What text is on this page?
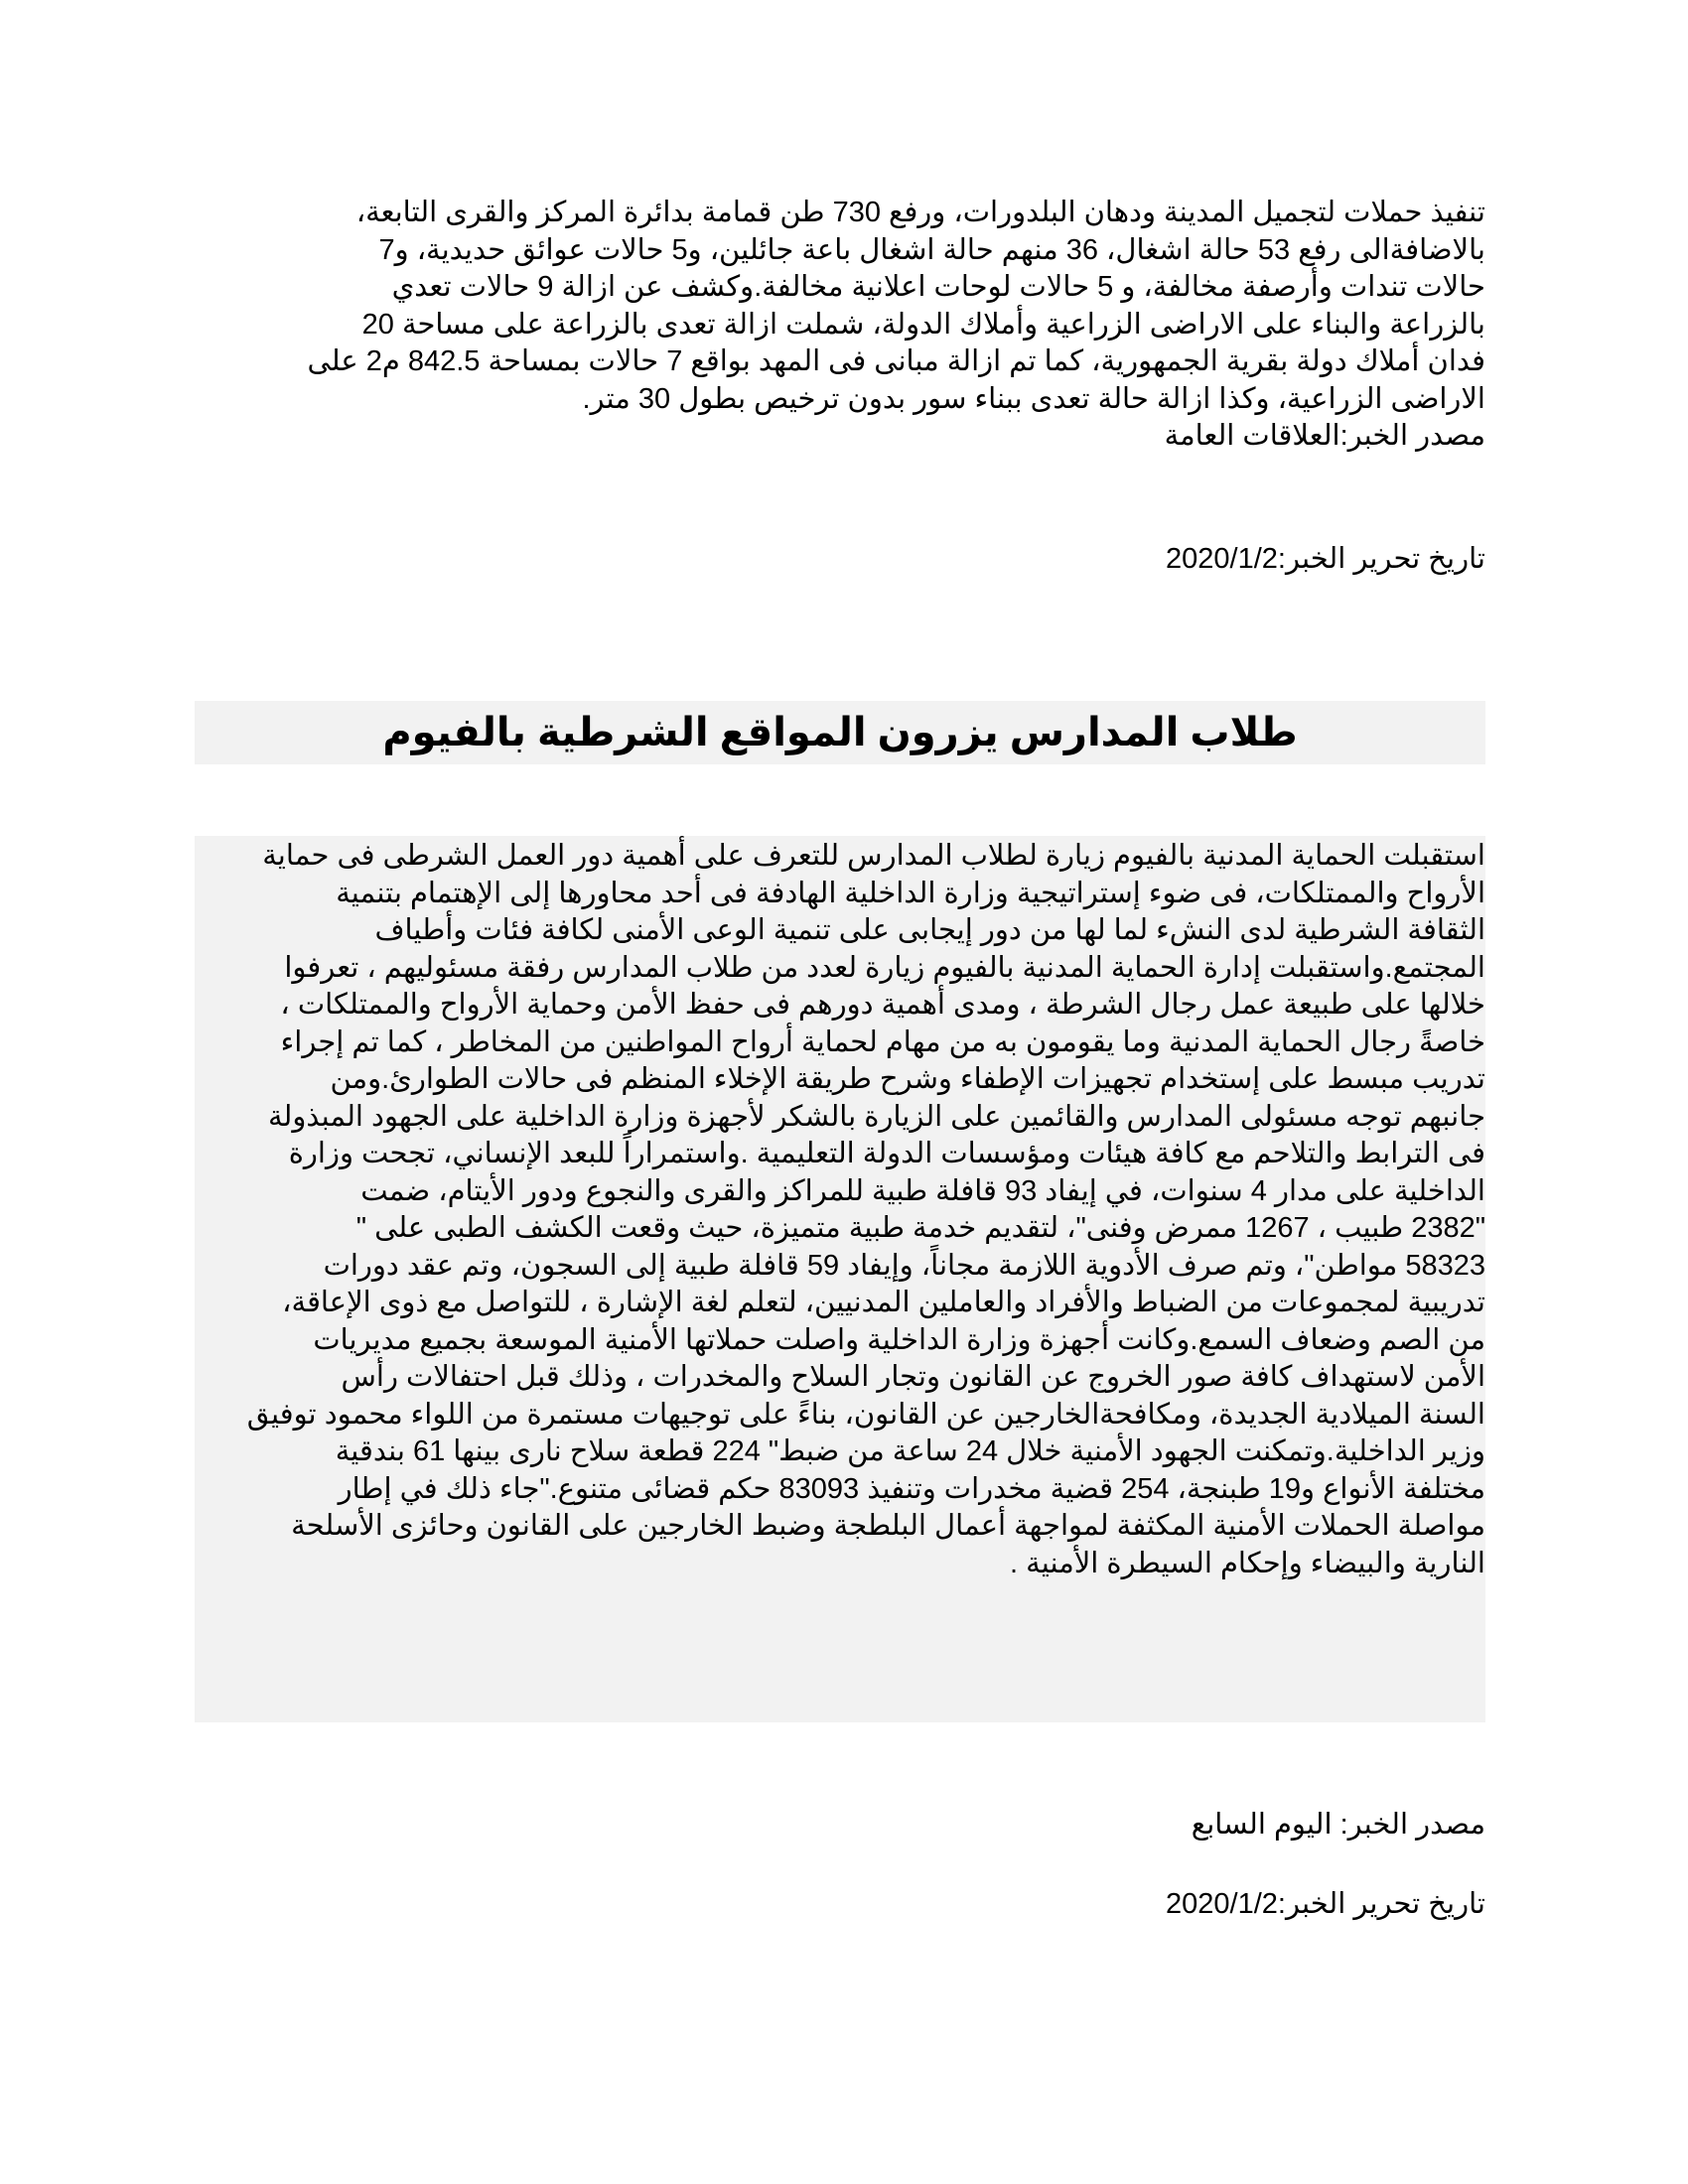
تنفيذ حملات لتجميل المدينة ودهان البلدورات، ورفع 730 طن قمامة بدائرة المركز والقرى التابعة،
بالاضافةالى رفع 53 حالة اشغال، 36 منهم حالة اشغال باعة جائلين، و5 حالات عوائق حديدية، و7
حالات تندات وأرصفة مخالفة، و 5 حالات لوحات اعلانية مخالفة.وكشف عن ازالة 9 حالات تعدي
بالزراعة والبناء على الاراضى الزراعية وأملاك الدولة، شملت ازالة تعدى بالزراعة على مساحة 20
فدان أملاك دولة بقرية الجمهورية، كما تم ازالة مبانى فى المهد بواقع 7 حالات بمساحة 842.5 م2 على
الاراضى الزراعية، وكذا ازالة حالة تعدى ببناء سور بدون ترخيص بطول 30 متر.
مصدر الخبر:العلاقات العامة

تاريخ تحرير الخبر:2020/1/2
طلاب المدارس يزرون المواقع الشرطية بالفيوم

استقبلت الحماية المدنية بالفيوم زيارة لطلاب المدارس للتعرف على أهمية دور العمل الشرطى فى حماية
الأرواح والممتلكات، فى ضوء إستراتيجية وزارة الداخلية الهادفة فى أحد محاورها إلى الإهتمام بتنمية
الثقافة الشرطية لدى النشء لما لها من دور إيجابى على تنمية الوعى الأمنى لكافة فئات وأطياف
المجتمع.واستقبلت إدارة الحماية المدنية بالفيوم زيارة لعدد من طلاب المدارس رفقة مسئوليهم ، تعرفوا
خلالها على طبيعة عمل رجال الشرطة ، ومدى أهمية دورهم فى حفظ الأمن وحماية الأرواح والممتلكات ،
خاصةً رجال الحماية المدنية وما يقومون به من مهام لحماية أرواح المواطنين من المخاطر ، كما تم إجراء
تدريب مبسط على إستخدام تجهيزات الإطفاء وشرح طريقة الإخلاء المنظم فى حالات الطوارئ.ومن
جانبهم توجه مسئولى المدارس والقائمين على الزيارة بالشكر لأجهزة وزارة الداخلية على الجهود المبذولة
فى الترابط والتلاحم مع كافة هيئات ومؤسسات الدولة التعليمية .واستمراراً للبعد الإنساني، تجحت وزارة
الداخلية على مدار 4 سنوات، في إيفاد 93 قافلة طبية للمراكز والقرى والنجوع ودور الأيتام، ضمت
"2382 طبيب ، 1267 ممرض وفنى"، لتقديم خدمة طبية متميزة، حيث وقعت الكشف الطبى على "
58323 مواطن"، وتم صرف الأدوية اللازمة مجاناً، وإيفاد 59 قافلة طبية إلى السجون، وتم عقد دورات
تدريبية لمجموعات من الضباط والأفراد والعاملين المدنيين، لتعلم لغة الإشارة ، للتواصل مع ذوى الإعاقة،
من الصم وضعاف السمع.وكانت أجهزة وزارة الداخلية واصلت حملاتها الأمنية الموسعة بجميع مديريات
الأمن لاستهداف كافة صور الخروج عن القانون وتجار السلاح والمخدرات ، وذلك قبل احتفالات رأس
السنة الميلادية الجديدة، ومكافحةالخارجين عن القانون، بناءً على توجيهات مستمرة من اللواء محمود توفيق
وزير الداخلية.وتمكنت الجهود الأمنية خلال 24 ساعة من ضبط" 224 قطعة سلاح نارى بينها 61 بندقية
مختلفة الأنواع و19 طبنجة، 254 قضية مخدرات وتنفيذ 83093 حكم قضائى متنوع."جاء ذلك في إطار
مواصلة الحملات الأمنية المكثفة لمواجهة أعمال البلطجة وضبط الخارجين على القانون وحائزى الأسلحة
النارية والبيضاء وإحكام السيطرة الأمنية .

مصدر الخبر: اليوم السابع
تاريخ تحرير الخبر:2020/1/2
